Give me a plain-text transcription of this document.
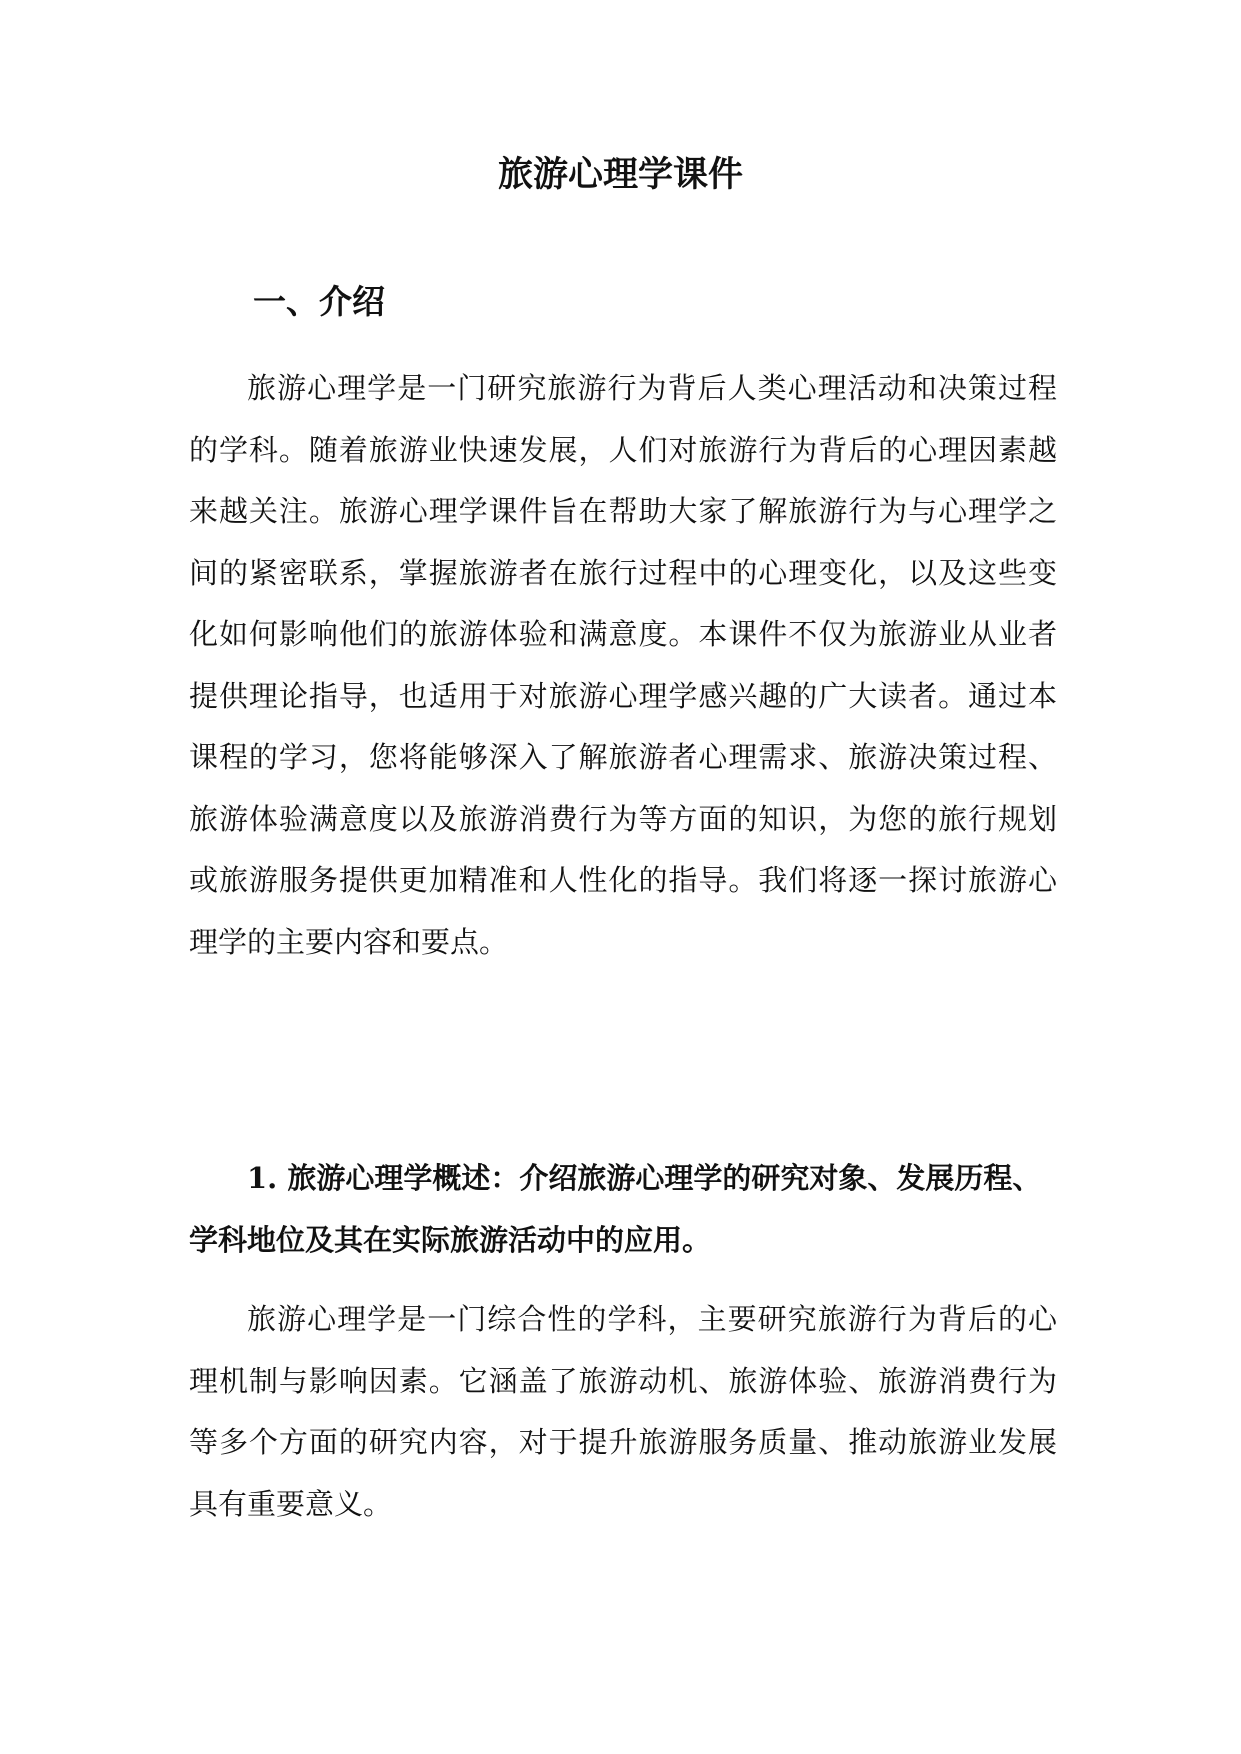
旅游心理学课件
一、介绍

旅游心理学是一门研究旅游行为背后人类心理活动和决策过程的学科。随着旅游业快速发展，人们对旅游行为背后的心理因素越来越关注。旅游心理学课件旨在帮助大家了解旅游行为与心理学之间的紧密联系，掌握旅游者在旅行过程中的心理变化，以及这些变化如何影响他们的旅游体验和满意度。本课件不仅为旅游业从业者提供理论指导，也适用于对旅游心理学感兴趣的广大读者。通过本课程的学习，您将能够深入了解旅游者心理需求、旅游决策过程、旅游体验满意度以及旅游消费行为等方面的知识，为您的旅行规划或旅游服务提供更加精准和人性化的指导。我们将逐一探讨旅游心理学的主要内容和要点。

1. 旅游心理学概述：介绍旅游心理学的研究对象、发展历程、学科地位及其在实际旅游活动中的应用。

旅游心理学是一门综合性的学科，主要研究旅游行为背后的心理机制与影响因素。它涵盖了旅游动机、旅游体验、旅游消费行为等多个方面的研究内容，对于提升旅游服务质量、推动旅游业发展具有重要意义。
